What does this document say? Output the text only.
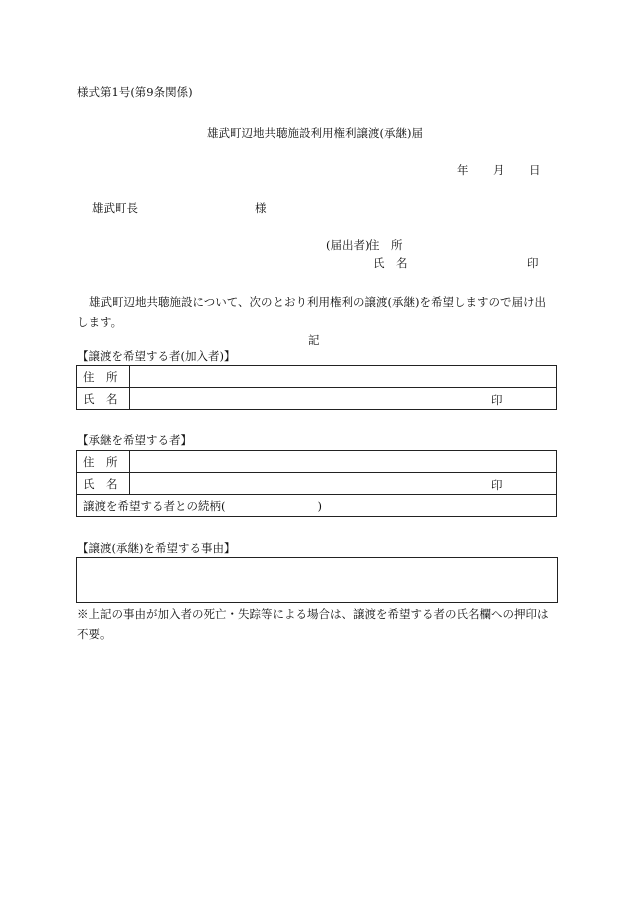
様式第1号(第9条関係)
雄武町辺地共聴施設利用権利譲渡(承継)届
年 月 日
雄武町長	様
(届出者)
住　所
氏　名	印
雄武町辺地共聴施設について、次のとおり利用権利の譲渡(承継)を希望しますので届け出します。
記
【譲渡を希望する者(加入者)】
住　所	
氏　名	印
【承継を希望する者】
住　所	
氏　名	印

譲渡を希望する者との続柄( )	
【譲渡(承継)を希望する事由】
※上記の事由が加入者の死亡・失踪等による場合は、譲渡を希望する者の氏名欄への押印は不要。
